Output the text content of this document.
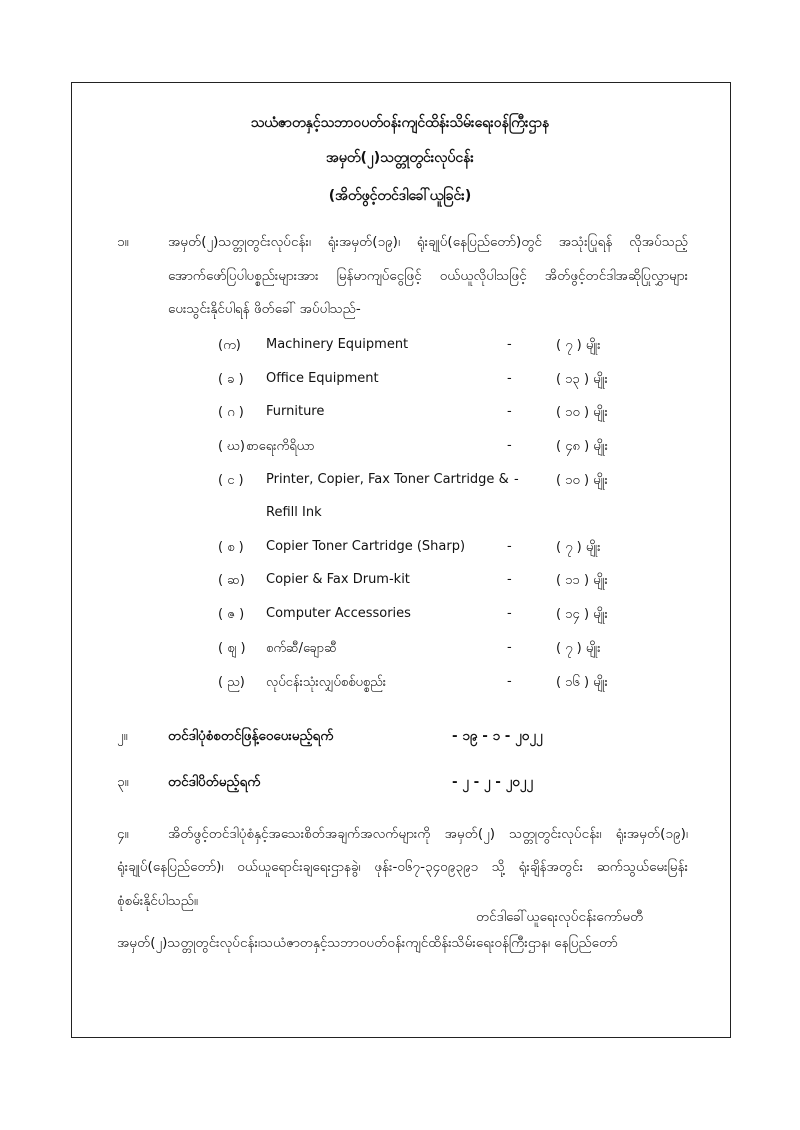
သယံဇာတနှင့်သဘာဝပတ်ဝန်းကျင်ထိန်းသိမ်းရေးဝန်ကြီးဌာန
အမှတ်(၂)သတ္တုတွင်းလုပ်ငန်း
(အိတ်ဖွင့်တင်ဒါခေါ်ယူခြင်း)
၁။	အမှတ်(၂)သတ္တုတွင်းလုပ်ငန်း၊ ရုံးအမှတ်(၁၉)၊ ရုံးချုပ်(နေပြည်တော်)တွင် အသုံးပြုရန် လိုအပ်သည့်
အောက်ဖော်ပြပါပစ္စည်းများအား မြန်မာကျပ်ငွေဖြင့် ဝယ်ယူလိုပါသဖြင့် အိတ်ဖွင့်တင်ဒါအဆိုပြုလွှာများ
ပေးသွင်းနိုင်ပါရန် ဖိတ်ခေါ် အပ်ပါသည်-
(က) Machinery Equipment	-	( ၇ ) မျိုး
( ခ ) Office Equipment	-	( ၁၃ ) မျိုး
( ဂ ) Furniture	-	( ၁၀ ) မျိုး
( ဃ) စာရေးကိရိယာ	-	( ၄၈ ) မျိုး
( င ) Printer, Copier, Fax Toner Cartridge & -	( ၁၀ ) မျိုး
Refill Ink
( စ ) Copier Toner Cartridge (Sharp)	-	( ၇ ) မျိုး
( ဆ) Copier & Fax Drum-kit	-	( ၁၁ ) မျိုး
( ဇ ) Computer Accessories	-	( ၁၄ ) မျိုး
( ဈ ) စက်ဆီ/ချောဆီ	-	( ၇ ) မျိုး
( ည) လုပ်ငန်းသုံးလျှပ်စစ်ပစ္စည်း	-	( ၁၆ ) မျိုး
၂။	တင်ဒါပုံစံစတင်ဖြန့်ဝေပေးမည့်ရက်	- ၁၉ - ၁ - ၂၀၂၂
၃။	တင်ဒါပိတ်မည့်ရက်	- ၂ - ၂ - ၂၀၂၂
၄။	အိတ်ဖွင့်တင်ဒါပုံစံနှင့်အသေးစိတ်အချက်အလက်များကို အမှတ်(၂) သတ္တုတွင်းလုပ်ငန်း၊ ရုံးအမှတ်(၁၉)၊
ရုံးချုပ်(နေပြည်တော်)၊ ဝယ်ယူရောင်းချရေးဌာနခွဲ၊ ဖုန်း-၀၆၇-၃၄၀၉၃၉၁ သို့ ရုံးချိန်အတွင်း ဆက်သွယ်မေးမြန်း
စုံစမ်းနိုင်ပါသည်။
တင်ဒါခေါ်ယူရေးလုပ်ငန်းကော်မတီ
အမှတ်(၂)သတ္တုတွင်းလုပ်ငန်း၊သယံဇာတနှင့်သဘာဝပတ်ဝန်းကျင်ထိန်းသိမ်းရေးဝန်ကြီးဌာန၊ နေပြည်တော်
